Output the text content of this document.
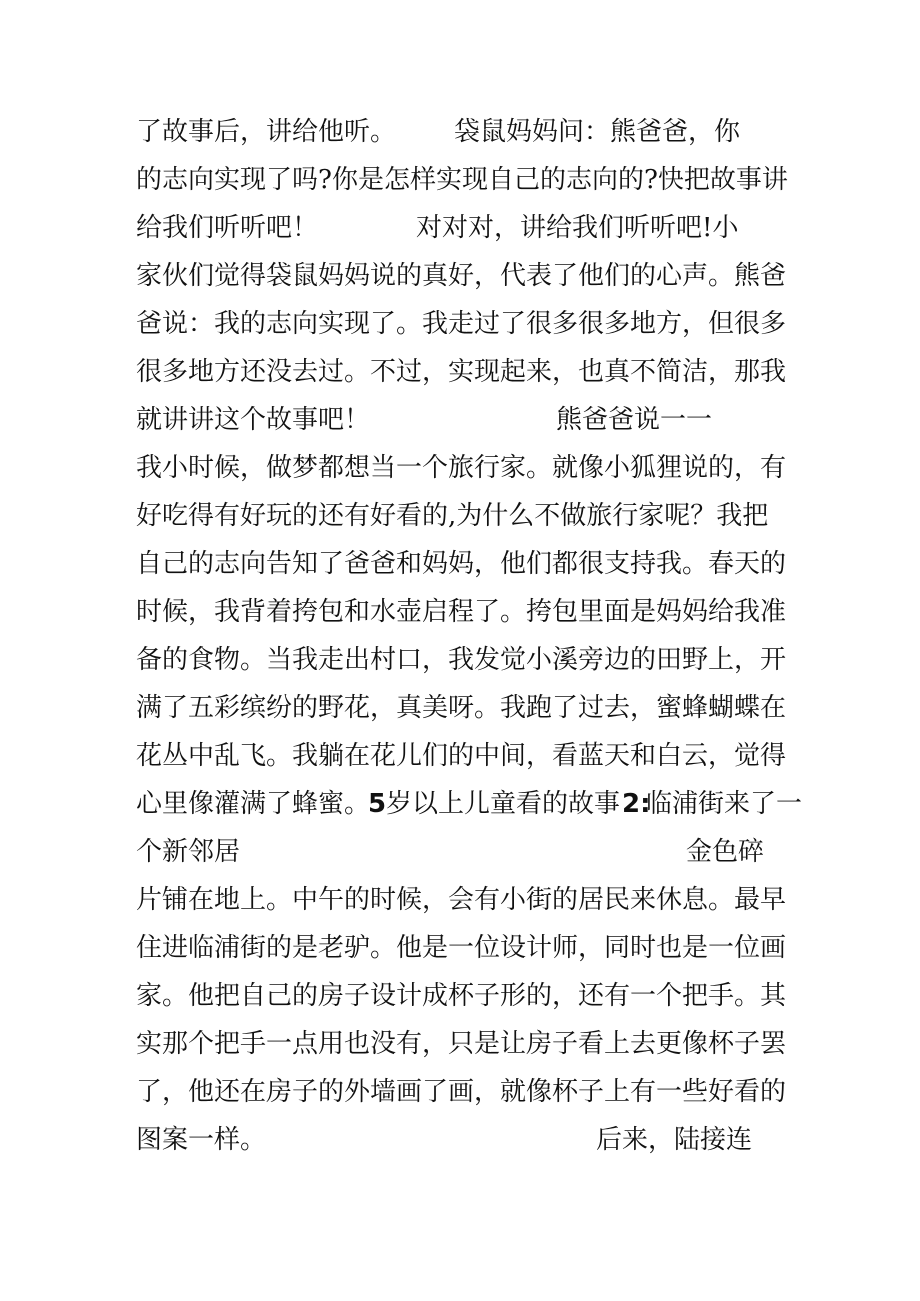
了故事后，讲给他听。 袋鼠妈妈问：熊爸爸，你
的志向实现了吗?你是怎样实现自己的志向的?快把故事讲
给我们听听吧！	对对对，讲给我们听听吧!小
家伙们觉得袋鼠妈妈说的真好，代表了他们的心声。熊爸
爸说：我的志向实现了。我走过了很多很多地方，但很多
很多地方还没去过。不过，实现起来，也真不简洁，那我
就讲讲这个故事吧！	熊爸爸说一一
我小时候，做梦都想当一个旅行家。就像小狐狸说的，有
好吃得有好玩的还有好看的,为什么不做旅行家呢？我把
自己的志向告知了爸爸和妈妈，他们都很支持我。春天的
时候，我背着挎包和水壶启程了。挎包里面是妈妈给我准
备的食物。当我走出村口，我发觉小溪旁边的田野上，开
满了五彩缤纷的野花，真美呀。我跑了过去，蜜蜂蝴蝶在
花丛中乱飞。我躺在花儿们的中间，看蓝天和白云，觉得
心里像灌满了蜂蜜。
5 岁以上儿童看的故事 2:
临浦街来了一
个新邻居	金色碎
片铺在地上。中午的时候，会有小街的居民来休息。最早
住进临浦街的是老驴。他是一位设计师，同时也是一位画
家。他把自己的房子设计成杯子形的，还有一个把手。其
实那个把手一点用也没有，只是让房子看上去更像杯子罢
了，他还在房子的外墙画了画，就像杯子上有一些好看的
图案一样。	后来，陆接连
